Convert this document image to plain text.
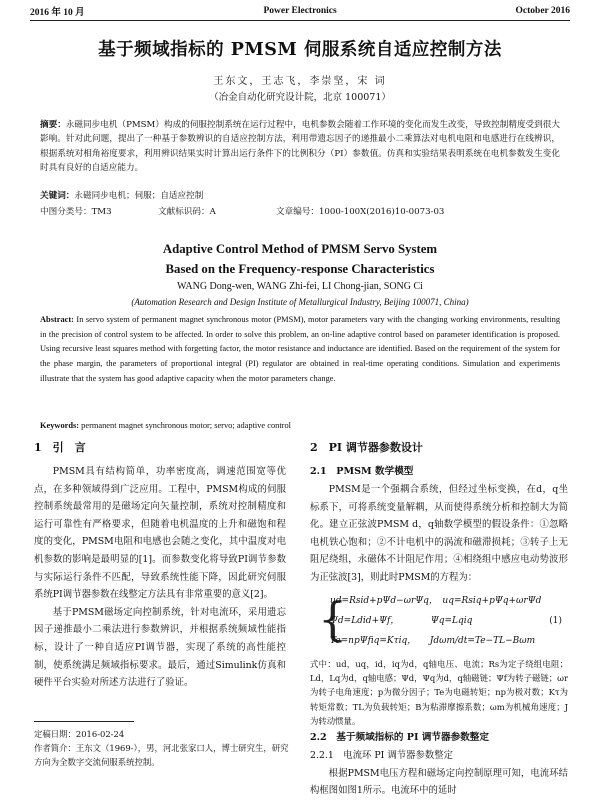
2016 年 10 月	Power Electronics	October 2016
基于频域指标的 PMSM 伺服系统自适应控制方法
王东文，王志飞，李崇坚，宋 词
（冶金自动化研究设计院，北京 100071）
摘要：永磁同步电机（PMSM）构成的伺服控制系统在运行过程中，电机参数会随着工作环境的变化而发生改变，导致控制精度受到很大影响。针对此问题，提出了一种基于参数辨识的自适应控制方法，利用带遗忘因子的递推最小二乘算法对电机电阻和电感进行在线辨识，根据系统对相角裕度要求，利用辨识结果实时计算出运行条件下的比例积分（PI）参数值。仿真和实验结果表明系统在电机参数发生变化时具有良好的自适应能力。
关键词：永磁同步电机；伺服；自适应控制
中图分类号：TM3	文献标识码：A	文章编号：1000-100X(2016)10-0073-03
Adaptive Control Method of PMSM Servo System
Based on the Frequency-response Characteristics
WANG Dong-wen, WANG Zhi-fei, LI Chong-jian, SONG Ci
(Automation Research and Design Institute of Metallurgical Industry, Beijing 100071, China)
Abstract: In servo system of permanent magnet synchronous motor (PMSM), motor parameters vary with the changing working environments, resulting in the precision of control system to be affected. In order to solve this problem, an on-line adaptive control based on parameter identification is proposed. Using recursive least squares method with forgetting factor, the motor resistance and inductance are identified. Based on the requirement of the system for the phase margin, the parameters of proportional integral (PI) regulator are obtained in real-time operating conditions. Simulation and experiments illustrate that the system has good adaptive capacity when the motor parameters change.
Keywords: permanent magnet synchronous motor; servo; adaptive control
1　引　言

PMSM具有结构简单，功率密度高，调速范围宽等优点，在多种领域得到广泛应用。工程中，PMSM构成的伺服控制系统最常用的是磁场定向矢量控制，系统对控制精度和运行可靠性有严格要求，但随着电机温度的上升和磁饱和程度的变化，PMSM电阻和电感也会随之变化，其中温度对电机参数的影响是最明显的[1]。而参数变化将导致PI调节参数与实际运行条件不匹配，导致系统性能下降，因此研究伺服系统PI调节器参数在线整定方法具有非常重要的意义[2]。

基于PMSM磁场定向控制系统，针对电流环，采用遗忘因子递推最小二乘法进行参数辨识，并根据系统频域性能指标，设计了一种自适应PI调节器，实现了系统的高性能控制，使系统满足频域指标要求。最后，通过Simulink仿真和硬件平台实验对所述方法进行了验证。

定稿日期：2016-02-24
作者简介：王东文（1969-），男，河北张家口人，博士研究生，研究方向为全数字交流伺服系统控制。
2　PI 调节器参数设计
2.1　PMSM 数学模型

PMSM是一个强耦合系统，但经过坐标变换，在d，q坐标系下，可将系统变量解耦，从而使得系统分析和控制大为简化。建立正弦波PMSM d，q轴数学模型的假设条件：①忽略电机铁心饱和；②不计电机中的涡流和磁滞损耗；③转子上无阻尼绕组，永磁体不计阻尼作用；④相绕组中感应电动势波形为正弦波[3]，则此时PMSM的方程为：

{
ud=Rsid+pΨd−ωrΨq，　uq=Rsiq+pΨq+ωrΨd
Ψd=Ldid+Ψf，　　　　Ψq=Lqiq
Te=npΨfiq=Kτiq，　　Jdωm/dt=Te−TL−Bωm
(1)

式中：ud，uq，id，iq为d，q轴电压、电流；Rs为定子绕组电阻；Ld，Lq为d，q轴电感；Ψd，Ψq为d，q轴磁链；Ψf为转子磁链；ωr为转子电角速度；p为微分因子；Te为电磁转矩；np为极对数；Kτ为转矩常数；TL为负载转矩；B为粘滞摩擦系数；ωm为机械角速度；J为转动惯量。

2.2　基于频域指标的 PI 调节器参数整定
2.2.1　电流环 PI 调节器参数整定

根据PMSM电压方程和磁场定向控制原理可知，电流环结构框图如图1所示。电流环中的延时
